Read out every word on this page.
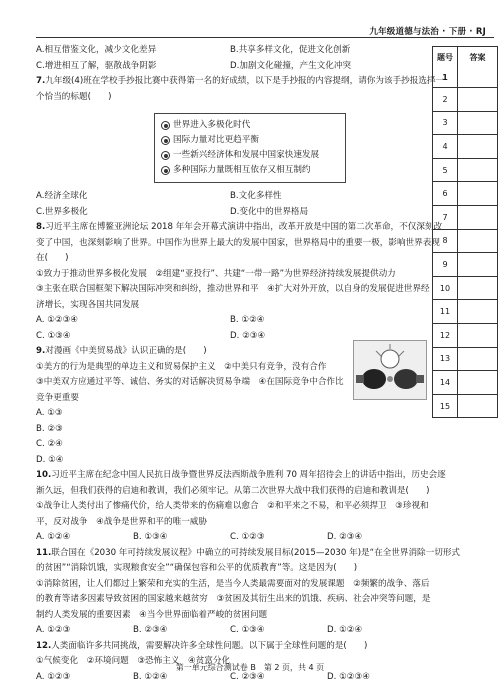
九年级道德与法治 · 下册 · RJ
A.相互借鉴文化，减少文化差异	B.共享多样文化，促进文化创新
C.增进相互了解，驱散战争阴影	D.加剧文化碰撞，产生文化冲突
7.九年级(4)班在学校手抄报比赛中获得第一名的好成绩，以下是手抄报的内容提纲，请你为该手抄报选择一
个恰当的标题(　　)
世界进入多极化时代
国际力量对比更趋平衡
一些新兴经济体和发展中国家快速发展
多种国际力量既相互依存又相互制约
A.经济全球化	B.文化多样性
C.世界多极化	D.变化中的世界格局
8.习近平主席在博鳌亚洲论坛 2018 年年会开幕式演讲中指出，改革开放是中国的第二次革命，不仅深刻改
变了中国，也深刻影响了世界。中国作为世界上最大的发展中国家，世界格局中的重要一极，影响世界表现
在(　　)
①致力于推动世界多极化发展　②组建“亚投行”、共建“一带一路”为世界经济持续发展提供动力
③主张在联合国框架下解决国际冲突和纠纷，推动世界和平　④扩大对外开放，以自身的发展促进世界经
济增长，实现各国共同发展
A. ①②③④	B. ①②④
C. ①③④	D. ②③④
9.对漫画《中美贸易战》认识正确的是(　　)
①美方的行为是典型的单边主义和贸易保护主义　②中美只有竞争，没有合作
③中美双方应通过平等、诚信、务实的对话解决贸易争端　④在国际竞争中合作比
竞争更重要
A. ①③
B. ②③
C. ②④
D. ①④
10.习近平主席在纪念中国人民抗日战争暨世界反法西斯战争胜利 70 周年招待会上的讲话中指出，历史会逐
渐久远，但我们获得的启迪和教训，我们必须牢记。从第二次世界大战中我们获得的启迪和教训是(　　)
①战争让人类付出了惨痛代价，给人类带来的伤痛难以愈合　②和平来之不易，和平必须捍卫　③珍视和
平，反对战争　④战争是世界和平的唯一威胁
A. ①②④	B. ①③④	C. ①②③	D. ②③④
11.联合国在《2030 年可持续发展议程》中确立的可持续发展目标(2015—2030 年)是“在全世界消除一切形式
的贫困”“消除饥饿，实现粮食安全”“确保包容和公平的优质教育”等。这是因为(　　)
①消除贫困，让人们都过上繁荣和充实的生活，是当今人类最需要面对的发展课题　②频繁的战争、落后
的教育等诸多因素导致贫困的国家越来越贫穷　③贫困及其衍生出来的饥饿、疾病、社会冲突等问题，是
制约人类发展的重要因素　④当今世界面临着严峻的贫困问题
A. ①②③	B. ②③④	C. ①③④	D. ①②④
12.人类面临许多共同挑战，需要解决许多全球性问题。以下属于全球性问题的是(　　)
①气候变化　②环境问题　③恐怖主义　④贫富分化
A. ①②③	B. ①②④	C. ②③④	D. ①②③④
题号	答案
1
2
3
4
5
6
7
8
9
10
11
12
13
14
15
第一单元综合测试卷 B　第 2 页，共 4 页
